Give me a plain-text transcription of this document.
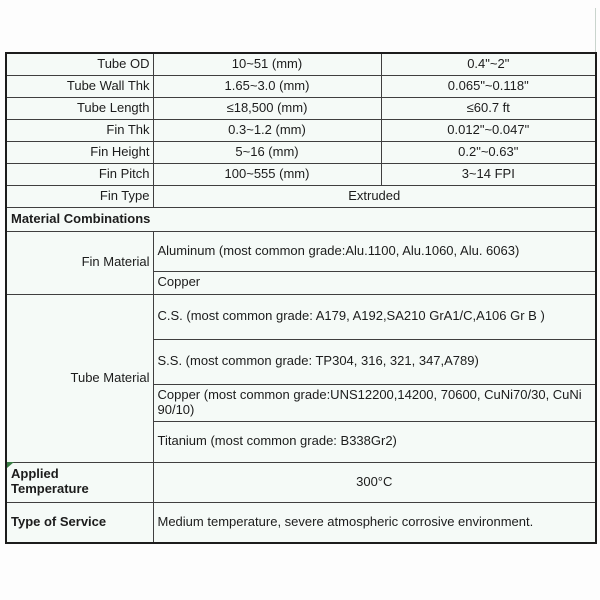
Tube OD	10~51 (mm)	0.4"~2"
Tube Wall Thk	1.65~3.0 (mm)	0.065"~0.118"
Tube Length	≤18,500 (mm)	≤60.7 ft
Fin Thk	0.3~1.2 (mm)	0.012"~0.047"
Fin Height	5~16 (mm)	0.2"~0.63"
Fin Pitch	100~555 (mm)	3~14 FPI
Fin Type	Extruded	
Material Combinations		
Fin Material	Aluminum (most common grade:Alu.1100, Alu.1060, Alu. 6063)	
	Copper	
Tube Material	C.S. (most common grade: A179, A192,SA210 GrA1/C,A106 Gr B )	
	S.S. (most common grade: TP304, 316, 321, 347,A789)	
	Copper (most common grade:UNS12200,14200, 70600, CuNi70/30, CuNi 90/10)	
	Titanium (most common grade: B338Gr2)	
Applied Temperature	300°C	
Type of Service	Medium temperature, severe atmospheric corrosive environment.	
